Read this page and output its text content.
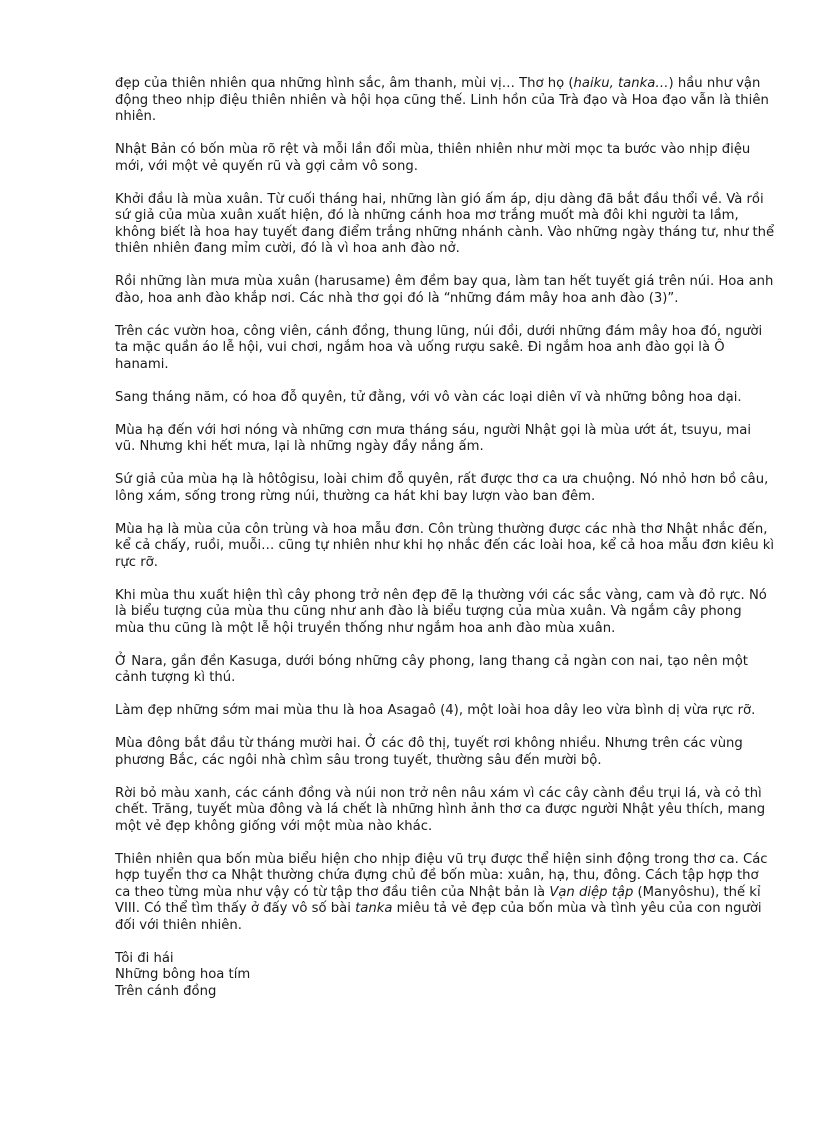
đẹp của thiên nhiên qua những hình sắc, âm thanh, mùi vị… Thơ họ (haiku, tanka…) hầu như vận động theo nhịp điệu thiên nhiên và hội họa cũng thế. Linh hồn của Trà đạo và Hoa đạo vẫn là thiên nhiên.

Nhật Bản có bốn mùa rõ rệt và mỗi lần đổi mùa, thiên nhiên như mời mọc ta bước vào nhịp điệu mới, với một vẻ quyến rũ và gợi cảm vô song.

Khởi đầu là mùa xuân. Từ cuối tháng hai, những làn gió ấm áp, dịu dàng đã bắt đầu thổi về. Và rồi sứ giả của mùa xuân xuất hiện, đó là những cánh hoa mơ trắng muốt mà đôi khi người ta lầm, không biết là hoa hay tuyết đang điểm trắng những nhánh cành. Vào những ngày tháng tư, như thể thiên nhiên đang mỉm cười, đó là vì hoa anh đào nở.

Rồi những làn mưa mùa xuân (harusame) êm đềm bay qua, làm tan hết tuyết giá trên núi. Hoa anh đào, hoa anh đào khắp nơi. Các nhà thơ gọi đó là “những đám mây hoa anh đào (3)”.

Trên các vườn hoa, công viên, cánh đồng, thung lũng, núi đồi, dưới những đám mây hoa đó, người ta mặc quần áo lễ hội, vui chơi, ngắm hoa và uống rượu sakê. Đi ngắm hoa anh đào gọi là Ô hanami.

Sang tháng năm, có hoa đỗ quyên, tử đằng, với vô vàn các loại diên vĩ và những bông hoa dại.

Mùa hạ đến với hơi nóng và những cơn mưa tháng sáu, người Nhật gọi là mùa ướt át, tsuyu, mai vũ. Nhưng khi hết mưa, lại là những ngày đầy nắng ấm.

Sứ giả của mùa hạ là hôtôgisu, loài chim đỗ quyên, rất được thơ ca ưa chuộng. Nó nhỏ hơn bồ câu, lông xám, sống trong rừng núi, thường ca hát khi bay lượn vào ban đêm.

Mùa hạ là mùa của côn trùng và hoa mẫu đơn. Côn trùng thường được các nhà thơ Nhật nhắc đến, kể cả chấy, ruồi, muỗi… cũng tự nhiên như khi họ nhắc đến các loài hoa, kể cả hoa mẫu đơn kiêu kì rực rỡ.

Khi mùa thu xuất hiện thì cây phong trở nên đẹp đẽ lạ thường với các sắc vàng, cam và đỏ rực. Nó là biểu tượng của mùa thu cũng như anh đào là biểu tượng của mùa xuân. Và ngắm cây phong mùa thu cũng là một lễ hội truyền thống như ngắm hoa anh đào mùa xuân.

Ở Nara, gần đền Kasuga, dưới bóng những cây phong, lang thang cả ngàn con nai, tạo nên một cảnh tượng kì thú.

Làm đẹp những sớm mai mùa thu là hoa Asagaô (4), một loài hoa dây leo vừa bình dị vừa rực rỡ.

Mùa đông bắt đầu từ tháng mười hai. Ở các đô thị, tuyết rơi không nhiều. Nhưng trên các vùng phương Bắc, các ngôi nhà chìm sâu trong tuyết, thường sâu đến mười bộ.

Rời bỏ màu xanh, các cánh đồng và núi non trở nên nâu xám vì các cây cành đều trụi lá, và cỏ thì chết. Trăng, tuyết mùa đông và lá chết là những hình ảnh thơ ca được người Nhật yêu thích, mang một vẻ đẹp không giống với một mùa nào khác.

Thiên nhiên qua bốn mùa biểu hiện cho nhịp điệu vũ trụ được thể hiện sinh động trong thơ ca. Các hợp tuyển thơ ca Nhật thường chứa đựng chủ đề bốn mùa: xuân, hạ, thu, đông. Cách tập hợp thơ ca theo từng mùa như vậy có từ tập thơ đầu tiên của Nhật bản là Vạn diệp tập (Manyôshu), thế kỉ VIII. Có thể tìm thấy ở đấy vô số bài tanka miêu tả vẻ đẹp của bốn mùa và tình yêu của con người đối với thiên nhiên.

Tôi đi hái
Những bông hoa tím
Trên cánh đồng
